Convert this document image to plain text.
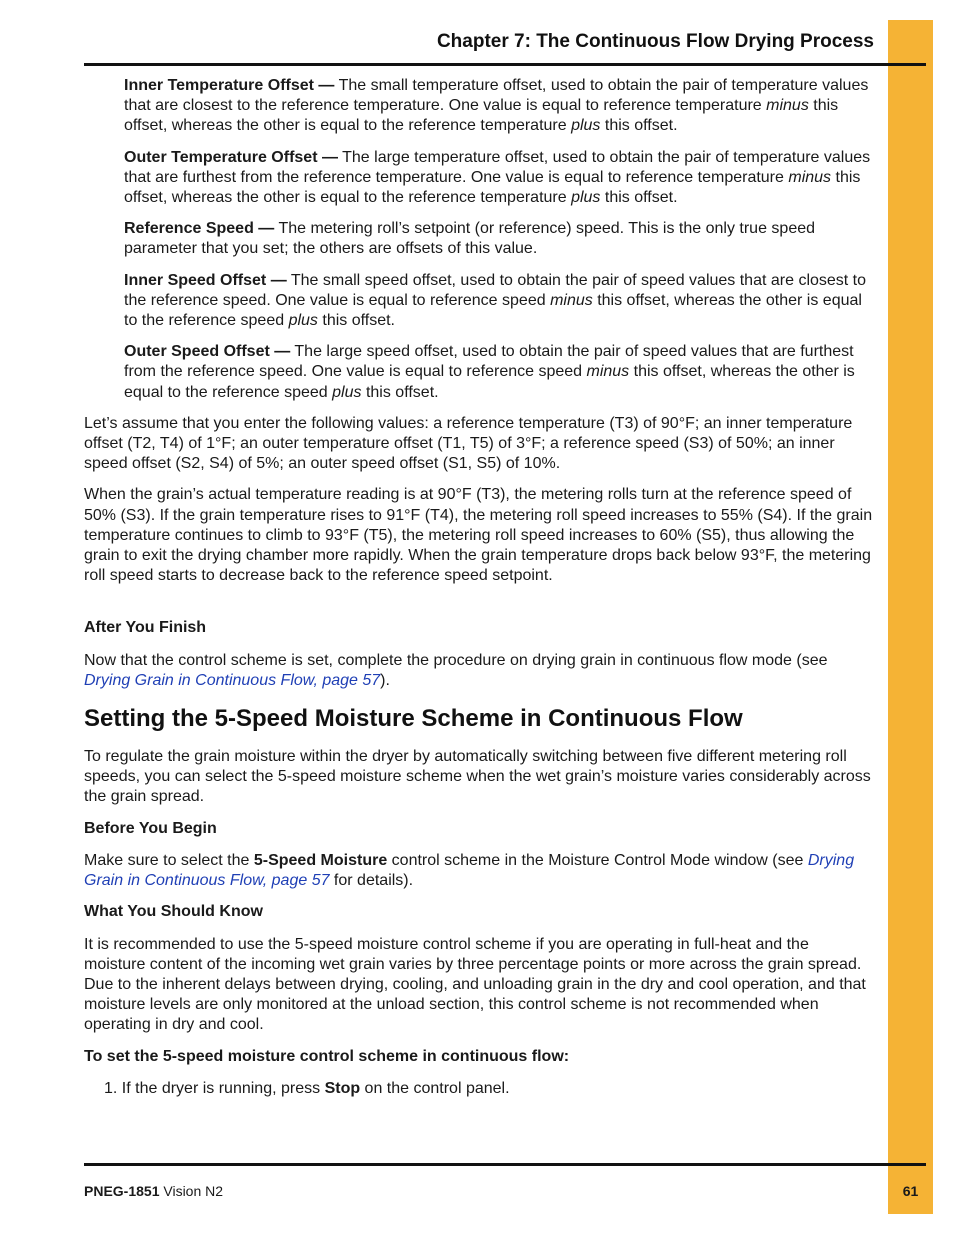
Chapter 7: The Continuous Flow Drying Process

Inner Temperature Offset — The small temperature offset, used to obtain the pair of temperature values that are closest to the reference temperature. One value is equal to reference temperature minus this offset, whereas the other is equal to the reference temperature plus this offset.

Outer Temperature Offset — The large temperature offset, used to obtain the pair of temperature values that are furthest from the reference temperature. One value is equal to reference temperature minus this offset, whereas the other is equal to the reference temperature plus this offset.

Reference Speed — The metering roll’s setpoint (or reference) speed. This is the only true speed parameter that you set; the others are offsets of this value.

Inner Speed Offset — The small speed offset, used to obtain the pair of speed values that are closest to the reference speed. One value is equal to reference speed minus this offset, whereas the other is equal to the reference speed plus this offset.

Outer Speed Offset — The large speed offset, used to obtain the pair of speed values that are furthest from the reference speed. One value is equal to reference speed minus this offset, whereas the other is equal to the reference speed plus this offset.

Let’s assume that you enter the following values: a reference temperature (T3) of 90°F; an inner temperature offset (T2, T4) of 1°F; an outer temperature offset (T1, T5) of 3°F; a reference speed (S3) of 50%; an inner speed offset (S2, S4) of 5%; an outer speed offset (S1, S5) of 10%.

When the grain’s actual temperature reading is at 90°F (T3), the metering rolls turn at the reference speed of 50% (S3). If the grain temperature rises to 91°F (T4), the metering roll speed increases to 55% (S4). If the grain temperature continues to climb to 93°F (T5), the metering roll speed increases to 60% (S5), thus allowing the grain to exit the drying chamber more rapidly. When the grain temperature drops back below 93°F, the metering roll speed starts to decrease back to the reference speed setpoint.

After You Finish

Now that the control scheme is set, complete the procedure on drying grain in continuous flow mode (see Drying Grain in Continuous Flow, page 57).

Setting the 5-Speed Moisture Scheme in Continuous Flow

To regulate the grain moisture within the dryer by automatically switching between five different metering roll speeds, you can select the 5-speed moisture scheme when the wet grain’s moisture varies considerably across the grain spread.

Before You Begin

Make sure to select the 5-Speed Moisture control scheme in the Moisture Control Mode window (see Drying Grain in Continuous Flow, page 57 for details).

What You Should Know

It is recommended to use the 5-speed moisture control scheme if you are operating in full-heat and the moisture content of the incoming wet grain varies by three percentage points or more across the grain spread. Due to the inherent delays between drying, cooling, and unloading grain in the dry and cool operation, and that moisture levels are only monitored at the unload section, this control scheme is not recommended when operating in dry and cool.

To set the 5-speed moisture control scheme in continuous flow:

1. If the dryer is running, press Stop on the control panel.

PNEG-1851 Vision N2	61
